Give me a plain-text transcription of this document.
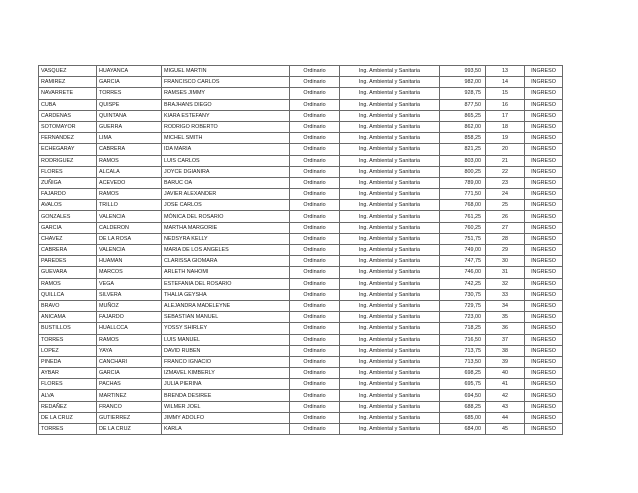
VASQUEZ	HUAYANCA	MIGUEL MARTIN	Ordinario	Ing. Ambiental y Sanitaria	993,50	13	INGRESO
RAMIREZ	GARCIA	FRANCISCO CARLOS	Ordinario	Ing. Ambiental y Sanitaria	982,00	14	INGRESO
NAVARRETE	TORRES	RAMSES JIMMY	Ordinario	Ing. Ambiental y Sanitaria	928,75	15	INGRESO
CUBA	QUISPE	BRAJHANS DIEGO	Ordinario	Ing. Ambiental y Sanitaria	877,50	16	INGRESO
CARDENAS	QUINTANA	KIARA ESTEFANY	Ordinario	Ing. Ambiental y Sanitaria	865,25	17	INGRESO
SOTOMAYOR	GUERRA	RODRIGO ROBERTO	Ordinario	Ing. Ambiental y Sanitaria	862,00	18	INGRESO
FERNANDEZ	LIMA	MICHEL SMITH	Ordinario	Ing. Ambiental y Sanitaria	858,25	19	INGRESO
ECHEGARAY	CABRERA	IDA MARIA	Ordinario	Ing. Ambiental y Sanitaria	821,25	20	INGRESO
RODRIGUEZ	RAMOS	LUIS CARLOS	Ordinario	Ing. Ambiental y Sanitaria	803,00	21	INGRESO
FLORES	ALCALA	JOYCE DGIANIRA	Ordinario	Ing. Ambiental y Sanitaria	800,25	22	INGRESO
ZUÑIGA	ACEVEDO	BARUC OA	Ordinario	Ing. Ambiental y Sanitaria	789,00	23	INGRESO
FAJARDO	RAMOS	JAVIER ALEXANDER	Ordinario	Ing. Ambiental y Sanitaria	771,50	24	INGRESO
AVALOS	TRILLO	JOSE CARLOS	Ordinario	Ing. Ambiental y Sanitaria	768,00	25	INGRESO
GONZALES	VALENCIA	MÓNICA DEL ROSARIO	Ordinario	Ing. Ambiental y Sanitaria	761,25	26	INGRESO
GARCIA	CALDERON	MARTHA MARGORIE	Ordinario	Ing. Ambiental y Sanitaria	760,25	27	INGRESO
CHAVEZ	DE LA ROSA	NEDSYRA KELLY	Ordinario	Ing. Ambiental y Sanitaria	751,75	28	INGRESO
CABRERA	VALENCIA	MARIA DE LOS ANGELES	Ordinario	Ing. Ambiental y Sanitaria	749,00	29	INGRESO
PAREDES	HUAMAN	CLARISSA GIOMARA	Ordinario	Ing. Ambiental y Sanitaria	747,75	30	INGRESO
GUEVARA	MARCOS	ARLETH NAHOMI	Ordinario	Ing. Ambiental y Sanitaria	746,00	31	INGRESO
RAMOS	VEGA	ESTEFANIA DEL ROSARIO	Ordinario	Ing. Ambiental y Sanitaria	742,25	32	INGRESO
QUILLCA	SILVERA	THALIA GEYSHA	Ordinario	Ing. Ambiental y Sanitaria	730,75	33	INGRESO
BRAVO	MUÑOZ	ALEJANDRA MADELEYNE	Ordinario	Ing. Ambiental y Sanitaria	729,75	34	INGRESO
ANICAMA	FAJARDO	SEBASTIAN MANUEL	Ordinario	Ing. Ambiental y Sanitaria	723,00	35	INGRESO
BUSTILLOS	HUALLCCA	YOSSY SHIRLEY	Ordinario	Ing. Ambiental y Sanitaria	718,25	36	INGRESO
TORRES	RAMOS	LUIS MANUEL	Ordinario	Ing. Ambiental y Sanitaria	716,50	37	INGRESO
LOPEZ	YAYA	DAVID RUBEN	Ordinario	Ing. Ambiental y Sanitaria	713,75	38	INGRESO
PINEDA	CANCHARI	FRANCO IGNACIO	Ordinario	Ing. Ambiental y Sanitaria	713,50	39	INGRESO
AYBAR	GARCIA	IZMAVEL KIMBERLY	Ordinario	Ing. Ambiental y Sanitaria	698,25	40	INGRESO
FLORES	PACHAS	JULIA PIERINA	Ordinario	Ing. Ambiental y Sanitaria	695,75	41	INGRESO
ALVA	MARTINEZ	BRENDA DESIREE	Ordinario	Ing. Ambiental y Sanitaria	694,50	42	INGRESO
REDAÑEZ	FRANCO	WILMER JOEL	Ordinario	Ing. Ambiental y Sanitaria	688,25	43	INGRESO
DE LA CRUZ	GUTIERREZ	JIMMY ADOLFO	Ordinario	Ing. Ambiental y Sanitaria	685,00	44	INGRESO
TORRES	DE LA CRUZ	KARLA	Ordinario	Ing. Ambiental y Sanitaria	684,00	45	INGRESO
